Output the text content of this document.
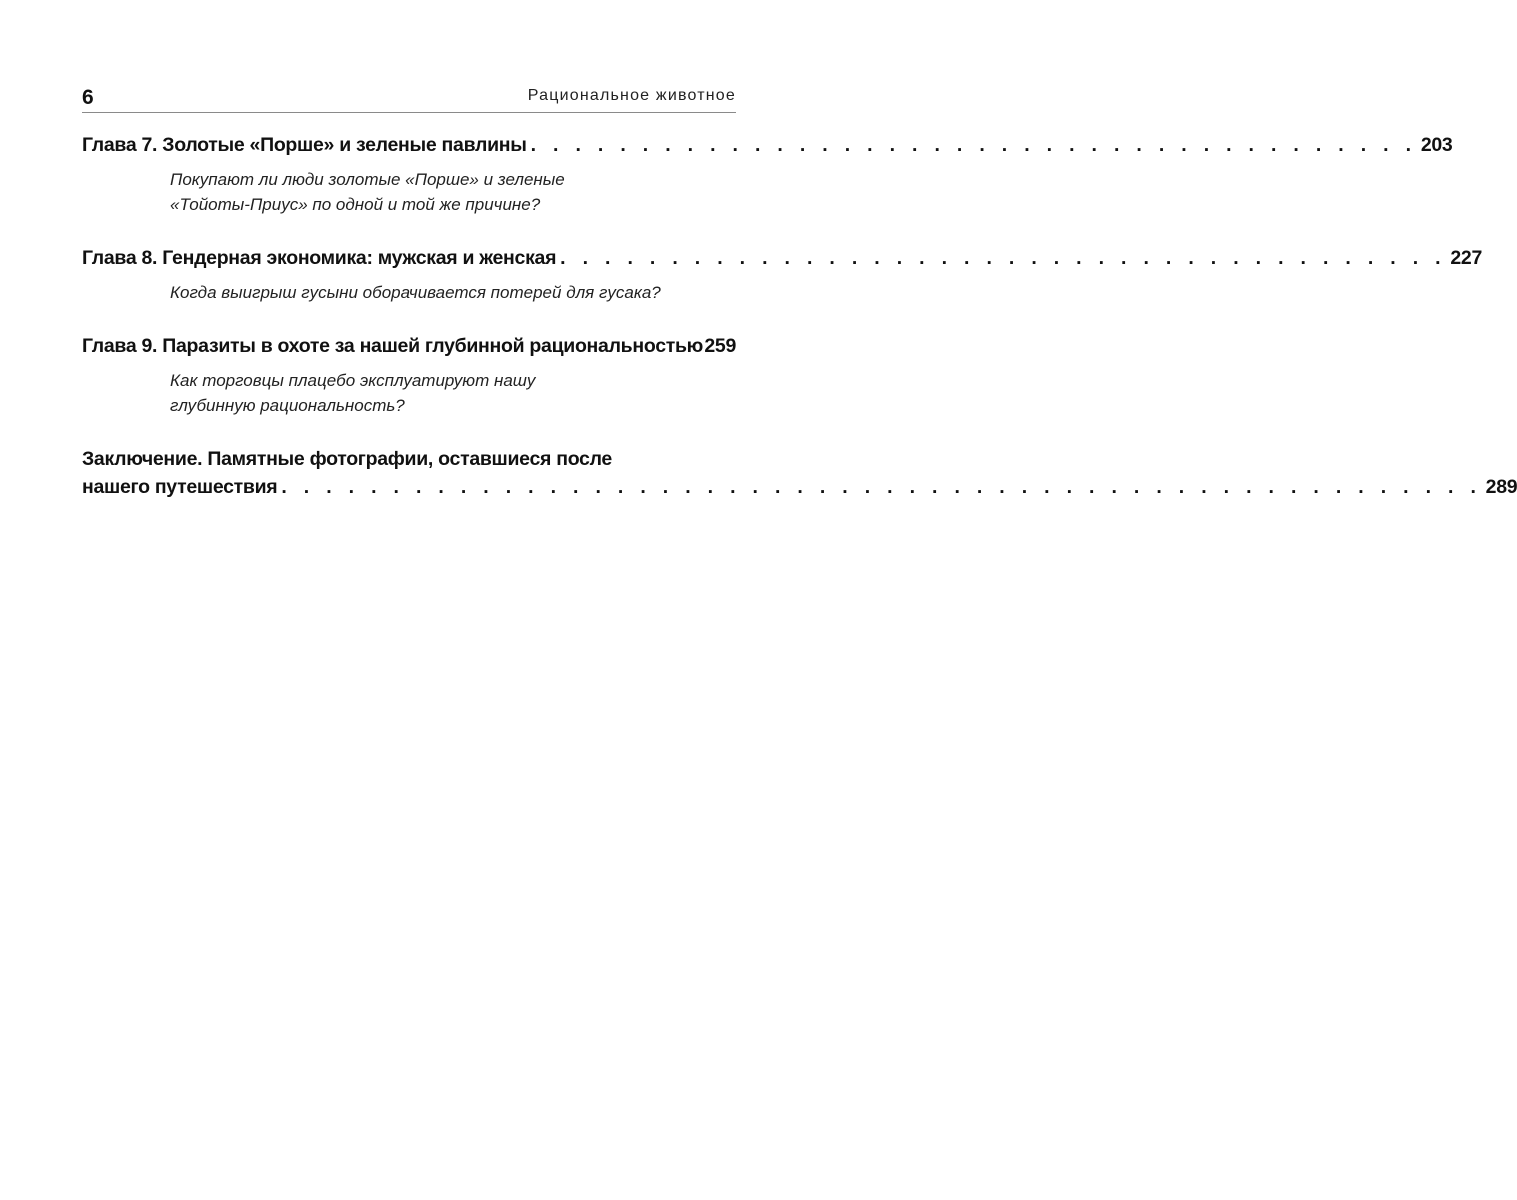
6	Рациональное животное
Глава 7. Золотые «Порше» и зеленые павлины . . . . . . . . . . . . . . . . . . . . . . . . . . . . . . . . . . . . . . . . 203
Покупают ли люди золотые «Порше» и зеленые
«Тойоты-Приус» по одной и той же причине?
Глава 8. Гендерная экономика: мужская и женская . . . . . . . . . . . . . . . . . . . . . . . . . . . . . . . . . . . . . . . . 227
Когда выигрыш гусыни оборачивается потерей для гусака?
Глава 9. Паразиты в охоте за нашей глубинной рациональностью 259
Как торговцы плацебо эксплуатируют нашу
глубинную рациональность?
Заключение. Памятные фотографии, оставшиеся после
нашего путешествия . . . . . . . . . . . . . . . . . . . . . . . . . . . . . . . . . . . . . . . . . . . . . . . . . . . . . . 289
